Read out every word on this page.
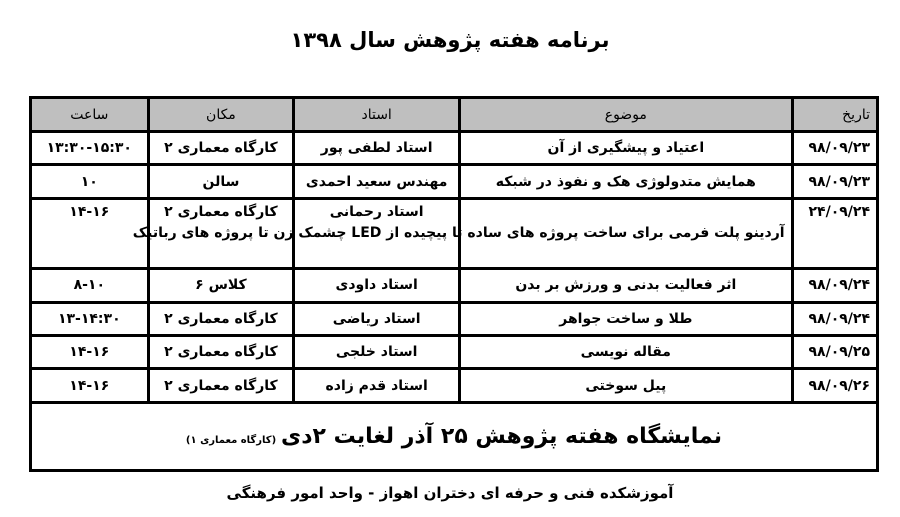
برنامه هفته پژوهش سال ۱۳۹۸
تاریخ	موضوع	استاد	مکان	ساعت
۹۸/۰۹/۲۳	اعتیاد و پیشگیری از آن	استاد لطفی پور	کارگاه معماری ۲	۱۳:۳۰-۱۵:۳۰
۹۸/۰۹/۲۳	همایش متدولوژی هک و نفوذ در شبکه	مهندس سعید احمدی	سالن	۱۰
۲۴/۰۹/۲۴	آردینو پلت فرمی برای ساخت پروژه های ساده تا پیچیده از LED چشمک زن تا پروژه های رباتیک	استاد رحمانی	کارگاه معماری ۲	۱۴-۱۶
۹۸/۰۹/۲۴	اثر فعالیت بدنی و ورزش بر بدن	استاد داودی	کلاس ۶	۸-۱۰
۹۸/۰۹/۲۴	طلا و ساخت جواهر	استاد ریاضی	کارگاه معماری ۲	۱۳-۱۴:۳۰
۹۸/۰۹/۲۵	مقاله نویسی	استاد خلجی	کارگاه معماری ۲	۱۴-۱۶
۹۸/۰۹/۲۶	پیل سوختی	استاد قدم زاده	کارگاه معماری ۲	۱۴-۱۶
نمایشگاه هفته پژوهش ۲۵ آذر لغایت ۲دی (کارگاه معماری ۱)				
آموزشکده فنی و حرفه ای دختران اهواز - واحد امور فرهنگی
